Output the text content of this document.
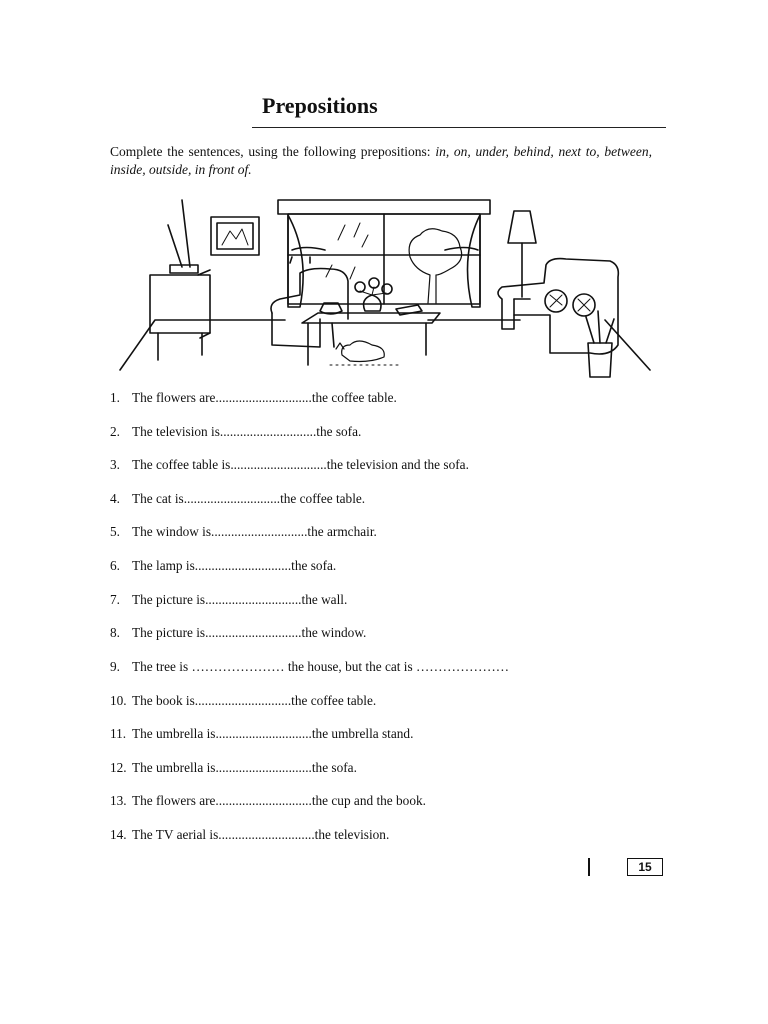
Prepositions
Complete the sentences, using the following prepositions: in, on, under, behind, next to, between, inside, outside, in front of.
1. The flowers are.............................the coffee table.
2. The television is.............................the sofa.
3. The coffee table is.............................the television and the sofa.
4. The cat is.............................the coffee table.
5. The window is.............................the armchair.
6. The lamp is.............................the sofa.
7. The picture is.............................the wall.
8. The picture is.............................the window.
9. The tree is ………………… the house, but the cat is …………………
10. The book is.............................the coffee table.
11. The umbrella is.............................the umbrella stand.
12. The umbrella is.............................the sofa.
13. The flowers are.............................the cup and the book.
14. The TV aerial is.............................the television.
15
